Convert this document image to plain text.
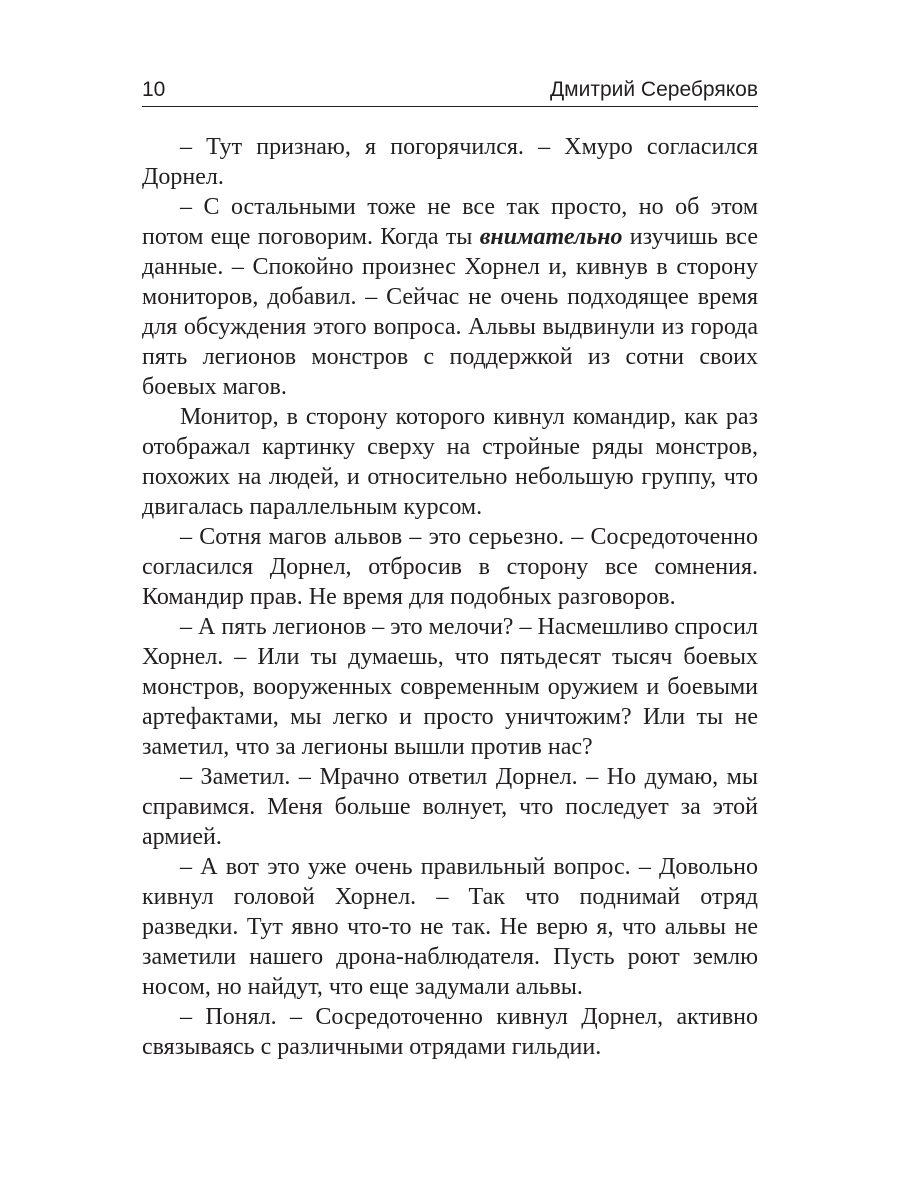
10	Дмитрий Серебряков

– Тут признаю, я погорячился. – Хмуро согласился Дорнел.

– С остальными тоже не все так просто, но об этом потом еще поговорим. Когда ты внимательно изучишь все данные. – Спокойно произнес Хорнел и, кивнув в сторону мониторов, добавил. – Сейчас не очень подходящее время для обсуждения этого вопроса. Альвы выдвинули из города пять легионов монстров с поддержкой из сотни своих боевых магов.

Монитор, в сторону которого кивнул командир, как раз отображал картинку сверху на стройные ряды монстров, похожих на людей, и относительно небольшую группу, что двигалась параллельным курсом.

– Сотня магов альвов – это серьезно. – Сосредоточенно согласился Дорнел, отбросив в сторону все сомнения. Командир прав. Не время для подобных разговоров.

– А пять легионов – это мелочи? – Насмешливо спросил Хорнел. – Или ты думаешь, что пятьдесят тысяч боевых монстров, вооруженных современным оружием и боевыми артефактами, мы легко и просто уничтожим? Или ты не заметил, что за легионы вышли против нас?

– Заметил. – Мрачно ответил Дорнел. – Но думаю, мы справимся. Меня больше волнует, что последует за этой армией.

– А вот это уже очень правильный вопрос. – Довольно кивнул головой Хорнел. – Так что поднимай отряд разведки. Тут явно что-то не так. Не верю я, что альвы не заметили нашего дрона-наблюдателя. Пусть роют землю носом, но найдут, что еще задумали альвы.

– Понял. – Сосредоточенно кивнул Дорнел, активно связываясь с различными отрядами гильдии.
